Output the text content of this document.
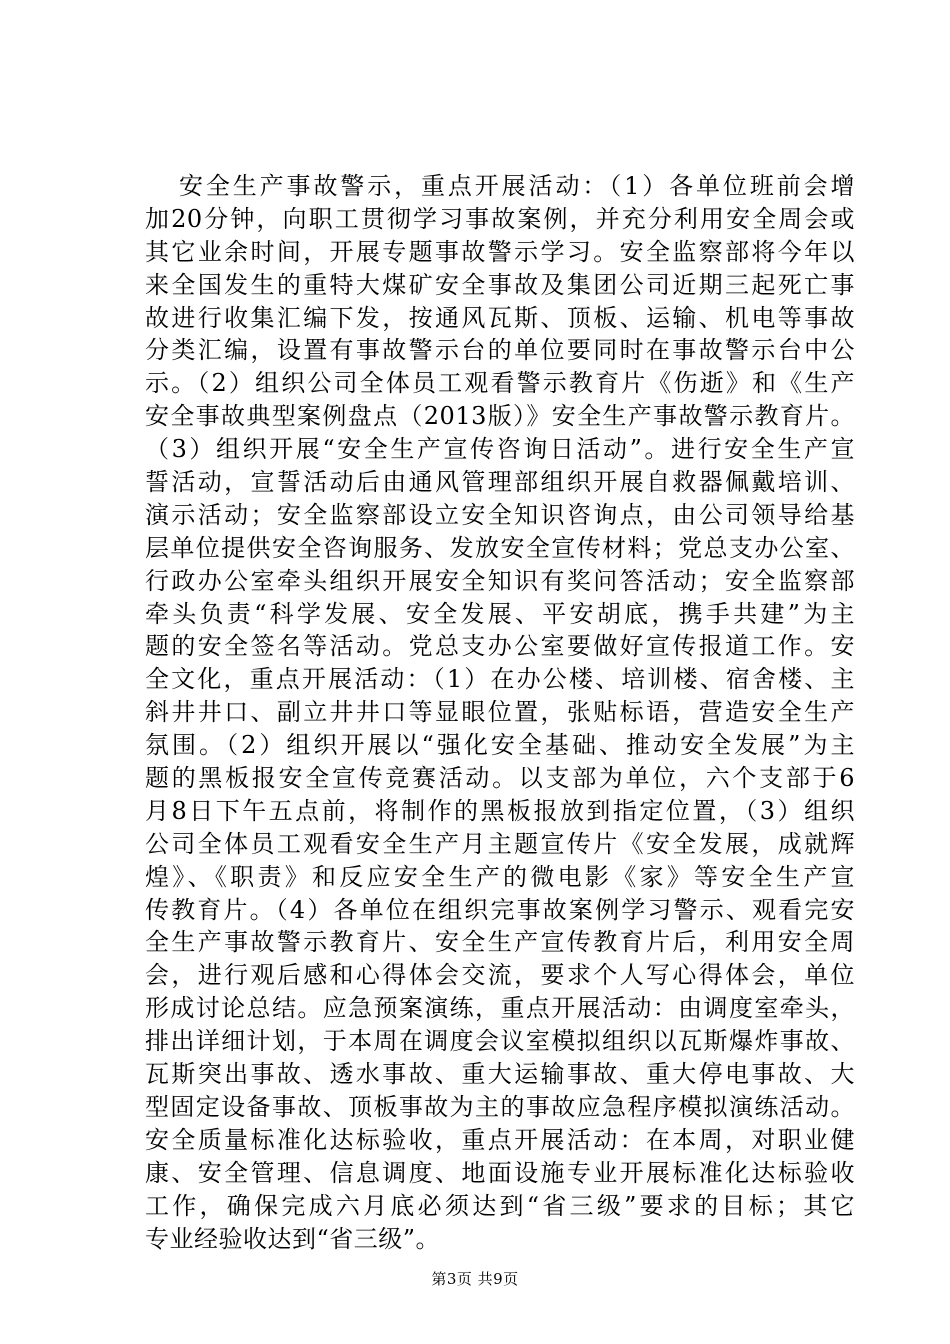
安全生产事故警示，重点开展活动：（1）各单位班前会增
加20分钟，向职工贯彻学习事故案例，并充分利用安全周会或
其它业余时间，开展专题事故警示学习。安全监察部将今年以
来全国发生的重特大煤矿安全事故及集团公司近期三起死亡事
故进行收集汇编下发，按通风瓦斯、顶板、运输、机电等事故
分类汇编，设置有事故警示台的单位要同时在事故警示台中公
示。（2）组织公司全体员工观看警示教育片《伤逝》和《生产
安全事故典型案例盘点（2013版）》安全生产事故警示教育片。
（3）组织开展“安全生产宣传咨询日活动”。进行安全生产宣
誓活动，宣誓活动后由通风管理部组织开展自救器佩戴培训、
演示活动；安全监察部设立安全知识咨询点，由公司领导给基
层单位提供安全咨询服务、发放安全宣传材料；党总支办公室、
行政办公室牵头组织开展安全知识有奖问答活动；安全监察部
牵头负责“科学发展、安全发展、平安胡底，携手共建”为主
题的安全签名等活动。党总支办公室要做好宣传报道工作。安
全文化，重点开展活动：（1）在办公楼、培训楼、宿舍楼、主
斜井井口、副立井井口等显眼位置，张贴标语，营造安全生产
氛围。（2）组织开展以“强化安全基础、推动安全发展”为主
题的黑板报安全宣传竞赛活动。以支部为单位，六个支部于6
月8日下午五点前，将制作的黑板报放到指定位置，（3）组织
公司全体员工观看安全生产月主题宣传片《安全发展，成就辉
煌》、《职责》和反应安全生产的微电影《家》等安全生产宣
传教育片。（4）各单位在组织完事故案例学习警示、观看完安
全生产事故警示教育片、安全生产宣传教育片后，利用安全周
会，进行观后感和心得体会交流，要求个人写心得体会，单位
形成讨论总结。应急预案演练，重点开展活动：由调度室牵头，
排出详细计划，于本周在调度会议室模拟组织以瓦斯爆炸事故、
瓦斯突出事故、透水事故、重大运输事故、重大停电事故、大
型固定设备事故、顶板事故为主的事故应急程序模拟演练活动。
安全质量标准化达标验收，重点开展活动：在本周，对职业健
康、安全管理、信息调度、地面设施专业开展标准化达标验收
工作，确保完成六月底必须达到“省三级”要求的目标；其它
专业经验收达到“省三级”。
第3页 共9页
